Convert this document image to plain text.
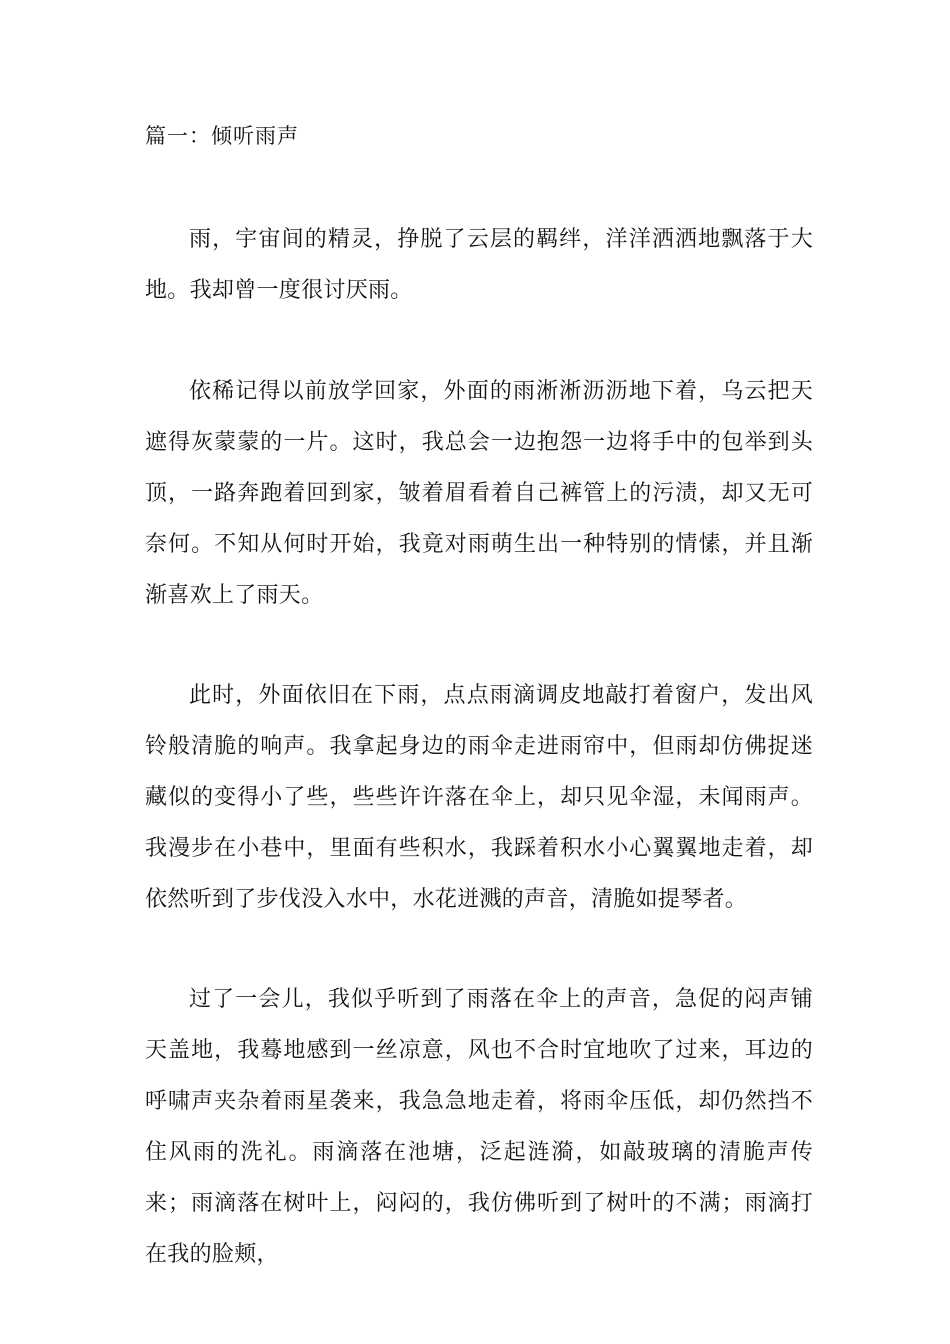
篇一：倾听雨声

雨，宇宙间的精灵，挣脱了云层的羁绊，洋洋洒洒地飘落于大地。我却曾一度很讨厌雨。

依稀记得以前放学回家，外面的雨淅淅沥沥地下着，乌云把天遮得灰蒙蒙的一片。这时，我总会一边抱怨一边将手中的包举到头顶，一路奔跑着回到家，皱着眉看着自己裤管上的污渍，却又无可奈何。不知从何时开始，我竟对雨萌生出一种特别的情愫，并且渐渐喜欢上了雨天。

此时，外面依旧在下雨，点点雨滴调皮地敲打着窗户，发出风铃般清脆的响声。我拿起身边的雨伞走进雨帘中，但雨却仿佛捉迷藏似的变得小了些，些些许许落在伞上，却只见伞湿，未闻雨声。我漫步在小巷中，里面有些积水，我踩着积水小心翼翼地走着，却依然听到了步伐没入水中，水花迸溅的声音，清脆如提琴者。

过了一会儿，我似乎听到了雨落在伞上的声音，急促的闷声铺天盖地，我蓦地感到一丝凉意，风也不合时宜地吹了过来，耳边的呼啸声夹杂着雨星袭来，我急急地走着，将雨伞压低，却仍然挡不住风雨的洗礼。雨滴落在池塘，泛起涟漪，如敲玻璃的清脆声传来；雨滴落在树叶上，闷闷的，我仿佛听到了树叶的不满；雨滴打在我的脸颊，
